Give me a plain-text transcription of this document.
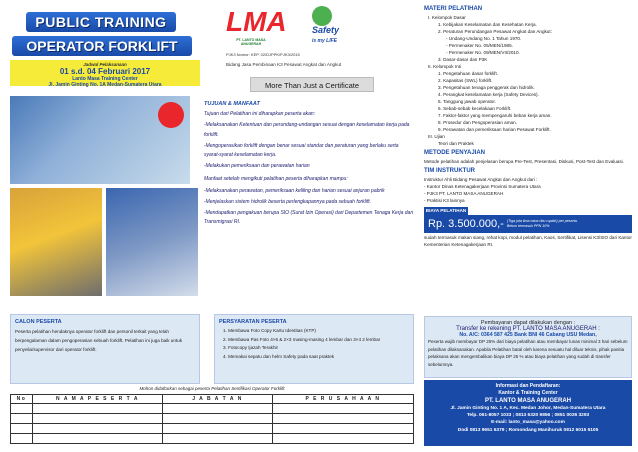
PUBLIC TRAINING
OPERATOR FORKLIFT
Jadwal Pelaksanaan
01 s.d. 04 Februari 2017
Lanto Masa Training Center
Jl. Jamin Ginting No. 1A Medan-Sumatera Utara
LMA
PT. LANTO MASA ANUGERAH
Safety
is my LIFE
PJK3 Nomor: KEP. 02/DJPPK/PJK3/2015
Bidang Jasa Pembinaan K3 Pesawat Angkat dan Angkut
More Than Just a Certificate
TUJUAN & MANFAAT

Tujuan dari Pelatihan ini diharapkan peserta akan:

-Melaksanakan Ketentuan dan perundang-undangan sesuai dengan keselamatan kerja pada forklift.

-Mengoperasikan forklift dengan benar sesuai standar dan peraturan yang berlaku serta syarat-syarat keselamatan kerja.

-Melakukan pemeriksaan dan perawatan harian

Manfaat setelah mengikuti pelatihan peserta diharapkan mampu:

-Melaksanakan perawatan, pemeriksaan keliling dan harian sesuai anjuran pabrik

-Menjelaskan sistem hidrolik beserta perlengkapannya pada sebuah forklift.

-Mendapatkan pengakuan berupa SIO (Surat Izin Operasi) dari Departemen Tenaga Kerja dan Transmigrasi RI.

MATERI PELATIHAN
I. Kelompok Dasar
1. Kebijakan Keselamatan dan Kesehatan Kerja.
2. Peraturan Perundangan Pesawat Angkat dan Angkut:
- Undang-Undang No. 1 Tahun 1970.
- Permenaker No. 05/MEN/1985.
- Permenaker No. 09/MEN/VII/2010.
3. Dasar-dasar dan P3K
II. Kelompok Inti
1. Pengetahuan dasar forklift.
2. Kapasitas (SWL) forklift.
3. Pengetahuan tenaga penggerak dan hidrolik.
4. Perangkat keselamatan kerja (Safety Devices).
5. Tanggung jawab operator.
6. Sebab-sebab kecelakaan Forklift.
7. Faktor-faktor yang mempengaruhi beban kerja aman.
8. Prosedur dan Pengoperasian aman.
9. Perawatan dan pemeriksaan harian Pesawat Forklift.
III. Ujian
Teori dan Praktek
METODE PENYAJIAN
Metode pelatihan adalah penjelasan berupa Pre-Test, Presentasi, Diskusi, Post-Test dan Evaluasi.
TIM INSTRUKTUR
Instruktur Ahli Bidang Pesawat Angkat dan Angkut dari :
- Kantor Dinas Ketenagakerjaan Provinsi Sumatera Utara
- PJK3 PT. LANTO MASA ANUGERAH
- Praktisi K3 lainnya
BIAYA PELATIHAN
Rp. 3.500.000,- (Tiga juta lima ratus ribu rupiah) per peserta.
Belum termasuk PPN 10%
sudah termasuk makan siang, rehat kopi, modul pelatihan, Kaos, Sertifikat, Lisensi K3/SIO dari Kantor Kementerian Ketenagakerjaan RI.
CALON PESERTA

Peserta pelatihan hendaknya operator forklift dan personil terkait yang telah berpengalaman dalam pengoperasian sebuah forklift. Pelatihan ini juga baik untuk penyelia/supervisor dari operator forklift.

PERSYARATAN PESERTA

1. Membawa Foto Copy Kartu Identitas (KTP)

2. Membawa Pas Foto 4×6 & 2×3 masing-masing 4 lembar dan 3×4 2 lembar

3. Fotocopy Ijazah Terakhir

4. Memakai sepatu dan helm Safety pada saat praktek

Pembayaran dapat dilakukan dengan :
Transfer ke rekening PT. LANTO MASA ANUGERAH :
No. A/C: 0364 587 425 Bank BNI 46 Cabang USU Medan,
Peserta wajib membayar DP 25% dari biaya pelatihan atau membayar lunas minimal 3 hari sebelum pelatihan dilaksanakan. Apabila Pelatihan batal oleh karena sesuatu hal diluar teknis, pihak panitia pelaksana akan mengembalikan biaya DP 25 % atau biaya pelatihan yang sudah di transfer sebelumnya.
Mohon didaftarkan sebagai peserta Pelatihan Sertifikasi Operator Forklift
No	N A M A P E S E R T A	J A B A T A N	P E R U S A H A A N

Informasi dan Pendaftaran:
Kantor & Training Center
PT. LANTO MASA ANUGERAH
Jl. Jamin Ginting No. 1 A, Kec. Medan Johor, Medan-Sumatera Utara
Telp. 061-8057 1033 ; 0813 6320 9856 ; 0851 0026 3293
E-mail: lanto_masa@yahoo.com
Dodi 0813 9651 6379 ; Romondang Manihuruk 0812 6015 5105
